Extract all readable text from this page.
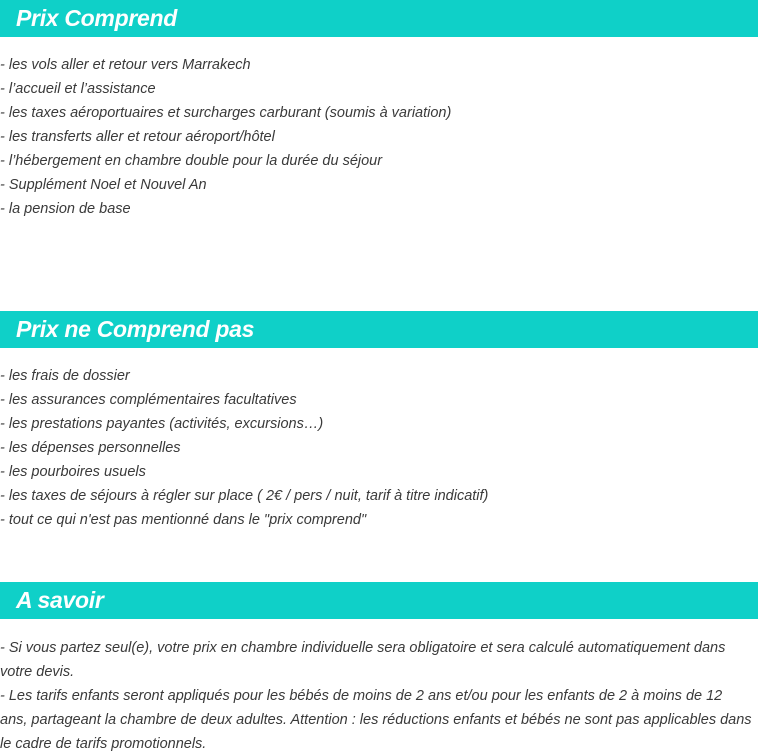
Prix Comprend
- les vols aller et retour vers Marrakech
- l’accueil et l’assistance
- les taxes aéroportuaires et surcharges carburant (soumis à variation)
- les transferts aller et retour aéroport/hôtel
- l’hébergement en chambre double pour la durée du séjour
- Supplément Noel et Nouvel An
- la pension de base
Prix ne Comprend pas
- les frais de dossier
- les assurances complémentaires facultatives
- les prestations payantes (activités, excursions…)
- les dépenses personnelles
- les pourboires usuels
- les taxes de séjours à régler sur place ( 2€ / pers / nuit, tarif à titre indicatif)
- tout ce qui n'est pas mentionné dans le "prix comprend"
A savoir

- Si vous partez seul(e), votre prix en chambre individuelle sera obligatoire et sera calculé automatiquement dans votre devis.

- Les tarifs enfants seront appliqués pour les bébés de moins de 2 ans et/ou pour les enfants de 2 à moins de 12 ans, partageant la chambre de deux adultes. Attention : les réductions enfants et bébés ne sont pas applicables dans le cadre de tarifs promotionnels.
